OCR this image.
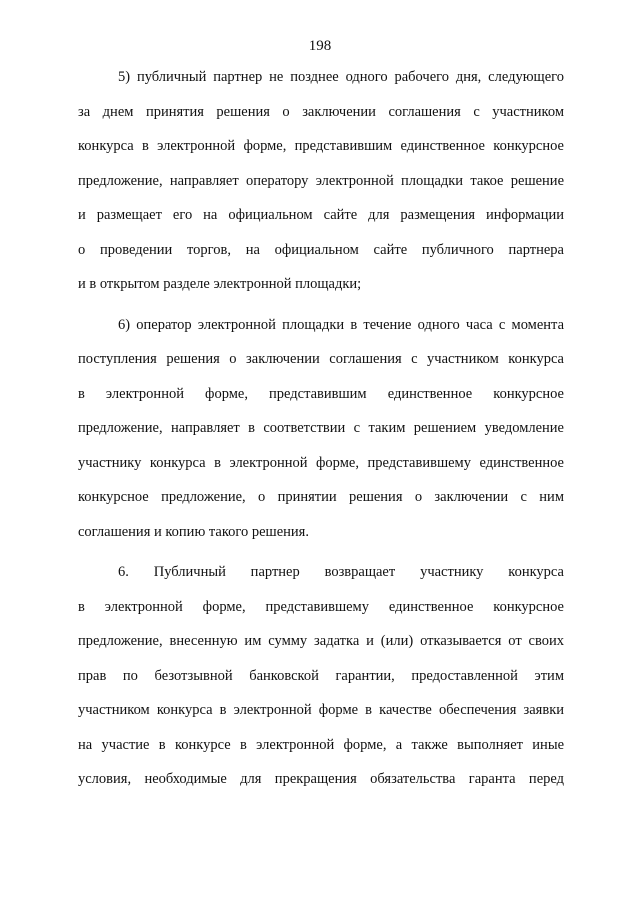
198
5) публичный партнер не позднее одного рабочего дня, следующего
за днем принятия решения о заключении соглашения с участником
конкурса в электронной форме, представившим единственное конкурсное
предложение, направляет оператору электронной площадки такое решение
и размещает его на официальном сайте для размещения информации
о проведении торгов, на официальном сайте публичного партнера
и в открытом разделе электронной площадки;
6) оператор электронной площадки в течение одного часа с момента
поступления решения о заключении соглашения с участником конкурса
в электронной форме, представившим единственное конкурсное
предложение, направляет в соответствии с таким решением уведомление
участнику конкурса в электронной форме, представившему единственное
конкурсное предложение, о принятии решения о заключении с ним
соглашения и копию такого решения.
6. Публичный партнер возвращает участнику конкурса
в электронной форме, представившему единственное конкурсное
предложение, внесенную им сумму задатка и (или) отказывается от своих
прав по безотзывной банковской гарантии, предоставленной этим
участником конкурса в электронной форме в качестве обеспечения заявки
на участие в конкурсе в электронной форме, а также выполняет иные
условия, необходимые для прекращения обязательства гаранта перед
